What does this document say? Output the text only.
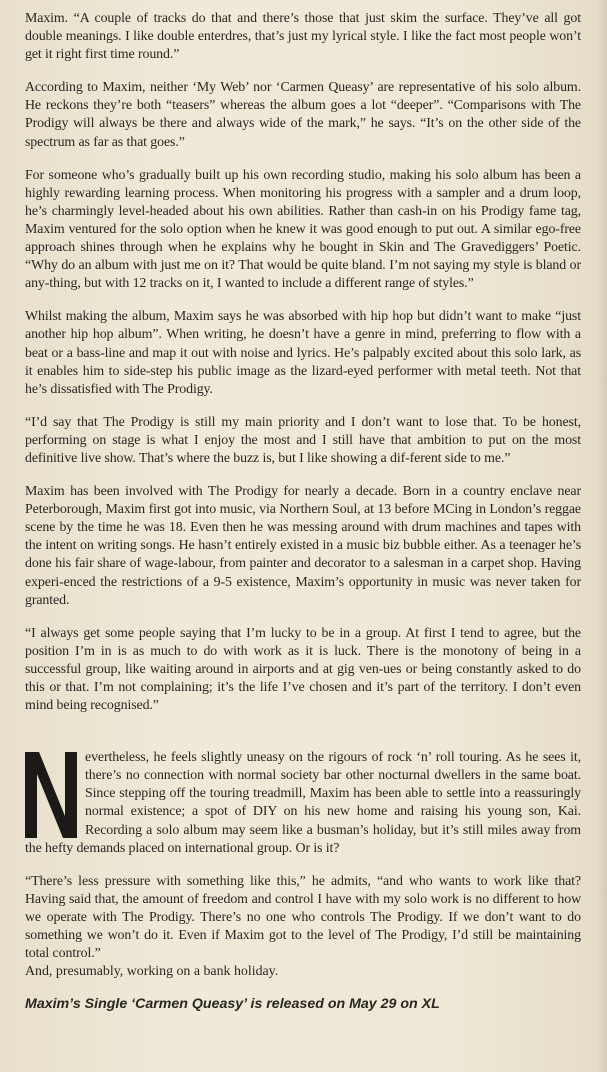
Maxim. “A couple of tracks do that and there’s those that just skim the surface. They’ve all got double meanings. I like double enterdres, that’s just my lyrical style. I like the fact most people won’t get it right first time round.”

According to Maxim, neither ‘My Web’ nor ‘Carmen Queasy’ are representative of his solo album. He reckons they’re both “teasers” whereas the album goes a lot “deeper”. “Comparisons with The Prodigy will always be there and always wide of the mark,” he says. “It’s on the other side of the spectrum as far as that goes.”

For someone who’s gradually built up his own recording studio, making his solo album has been a highly rewarding learning process. When monitoring his progress with a sampler and a drum loop, he’s charmingly level-headed about his own abilities. Rather than cash-in on his Prodigy fame tag, Maxim ventured for the solo option when he knew it was good enough to put out. A similar ego-free approach shines through when he explains why he bought in Skin and The Gravediggers’ Poetic. “Why do an album with just me on it? That would be quite bland. I’m not saying my style is bland or any-thing, but with 12 tracks on it, I wanted to include a different range of styles.”

Whilst making the album, Maxim says he was absorbed with hip hop but didn’t want to make “just another hip hop album”. When writing, he doesn’t have a genre in mind, preferring to flow with a beat or a bass-line and map it out with noise and lyrics. He’s palpably excited about this solo lark, as it enables him to side-step his public image as the lizard-eyed performer with metal teeth. Not that he’s dissatisfied with The Prodigy.

“I’d say that The Prodigy is still my main priority and I don’t want to lose that. To be honest, performing on stage is what I enjoy the most and I still have that ambition to put on the most definitive live show. That’s where the buzz is, but I like showing a dif-ferent side to me.”

Maxim has been involved with The Prodigy for nearly a decade. Born in a country enclave near Peterborough, Maxim first got into music, via Northern Soul, at 13 before MCing in London’s reggae scene by the time he was 18. Even then he was messing around with drum machines and tapes with the intent on writing songs. He hasn’t entirely existed in a music biz bubble either. As a teenager he’s done his fair share of wage-labour, from painter and decorator to a salesman in a carpet shop. Having experi-enced the restrictions of a 9-5 existence, Maxim’s opportunity in music was never taken for granted.

“I always get some people saying that I’m lucky to be in a group. At first I tend to agree, but the position I’m in is as much to do with work as it is luck. There is the monotony of being in a successful group, like waiting around in airports and at gig ven-ues or being constantly asked to do this or that. I’m not complaining; it’s the life I’ve chosen and it’s part of the territory. I don’t even mind being recognised.”

evertheless, he feels slightly uneasy on the rigours of rock ‘n’ roll touring. As he sees it, there’s no connection with normal society bar other nocturnal dwellers in the same boat. Since stepping off the touring treadmill, Maxim has been able to settle into a reassuringly normal existence; a spot of DIY on his new home and raising his young son, Kai. Recording a solo album may seem like a busman’s holiday, but it’s still miles away from the hefty demands placed on international group. Or is it?

“There’s less pressure with something like this,” he admits, “and who wants to work like that? Having said that, the amount of freedom and control I have with my solo work is no different to how we operate with The Prodigy. There’s no one who controls The Prodigy. If we don’t want to do something we won’t do it. Even if Maxim got to the level of The Prodigy, I’d still be maintaining total control.”

And, presumably, working on a bank holiday.

Maxim’s Single ‘Carmen Queasy’ is released on May 29 on XL
